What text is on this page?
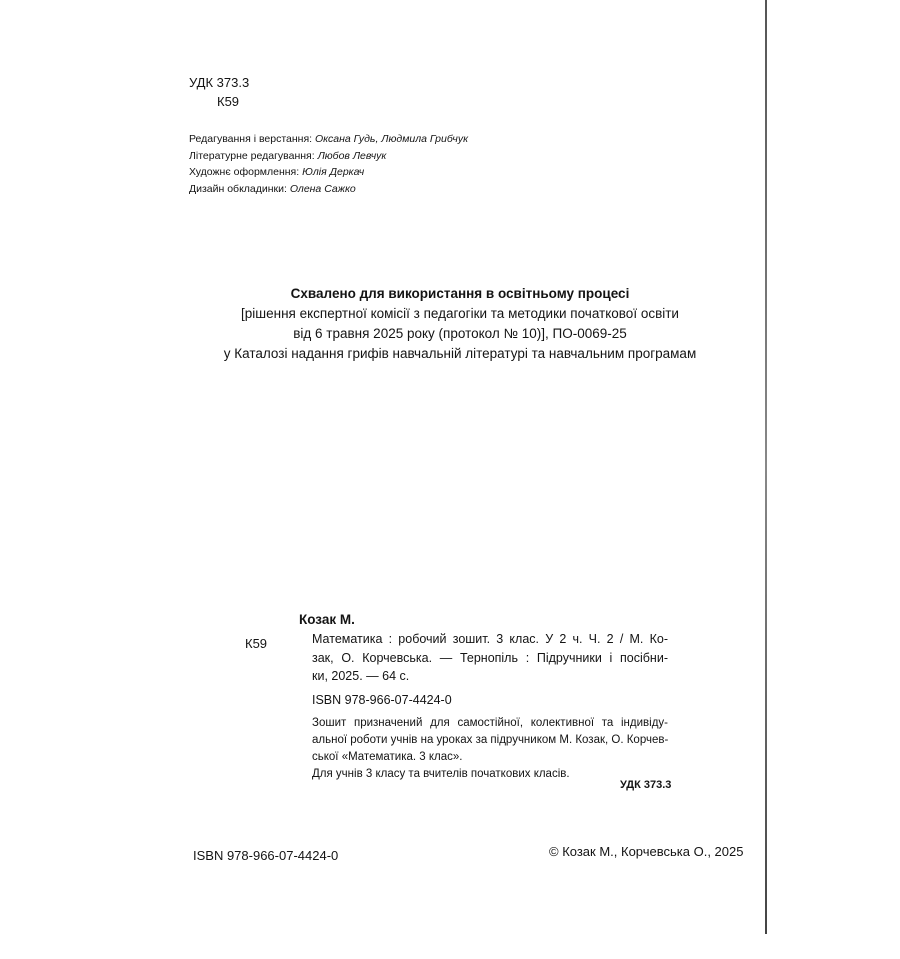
УДК 373.3
К59
Редагування і верстання: Оксана Гудь, Людмила Грибчук
Літературне редагування: Любов Левчук
Художнє оформлення: Юлія Деркач
Дизайн обкладинки: Олена Сажко
Схвалено для використання в освітньому процесі
[рішення експертної комісії з педагогіки та методики початкової освіти
від 6 травня 2025 року (протокол № 10)], ПО-0069-25
у Каталозі надання грифів навчальній літературі та навчальним програмам
Козак М.
К59	Математика : робочий зошит. 3 клас. У 2 ч. Ч. 2 / М. Ко-
зак, О. Корчевська. — Тернопіль : Підручники і посібни-
ки, 2025. — 64 с.
ISBN 978-966-07-4424-0
Зошит призначений для самостійної, колективної та індивіду-
альної роботи учнів на уроках за підручником М. Козак, О. Корчев-
ської «Математика. 3 клас».
Для учнів 3 класу та вчителів початкових класів.
УДК 373.3
ISBN 978-966-07-4424-0	© Козак М., Корчевська О., 2025
